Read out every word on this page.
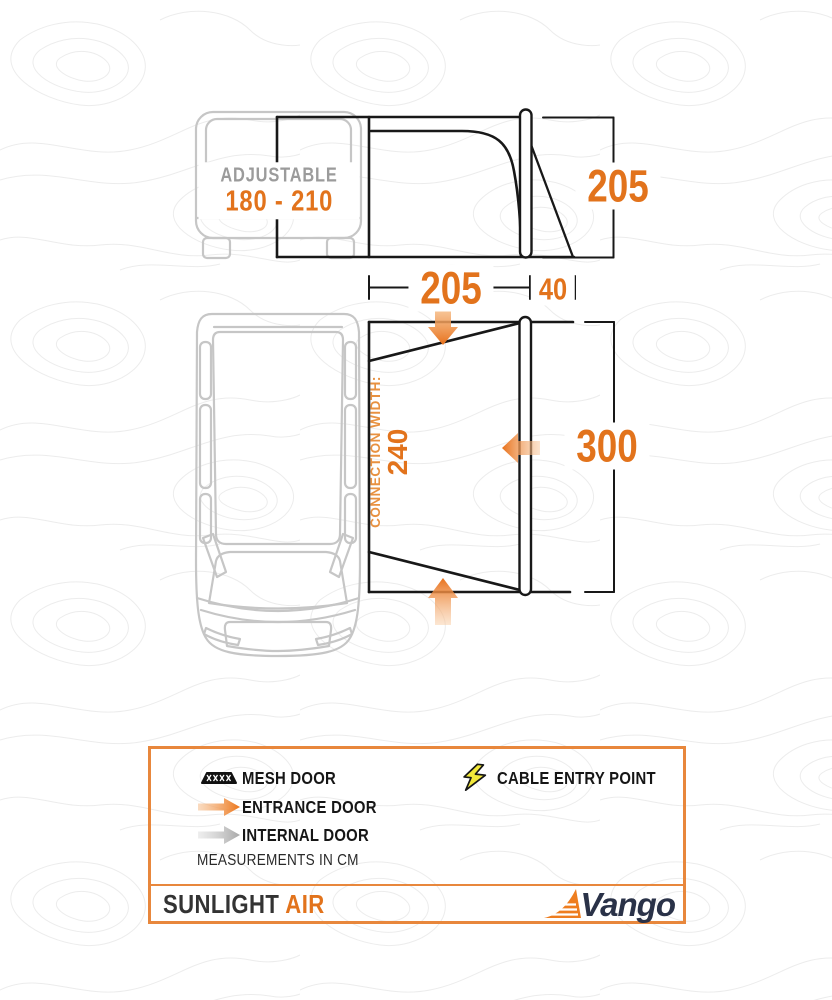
ADJUSTABLE
180 - 210	205
205	40
300
CONNECTION WIDTH: 240
MESH DOOR
ENTRANCE DOOR
INTERNAL DOOR
CABLE ENTRY POINT
MEASUREMENTS IN CM
SUNLIGHT AIR	Vango
